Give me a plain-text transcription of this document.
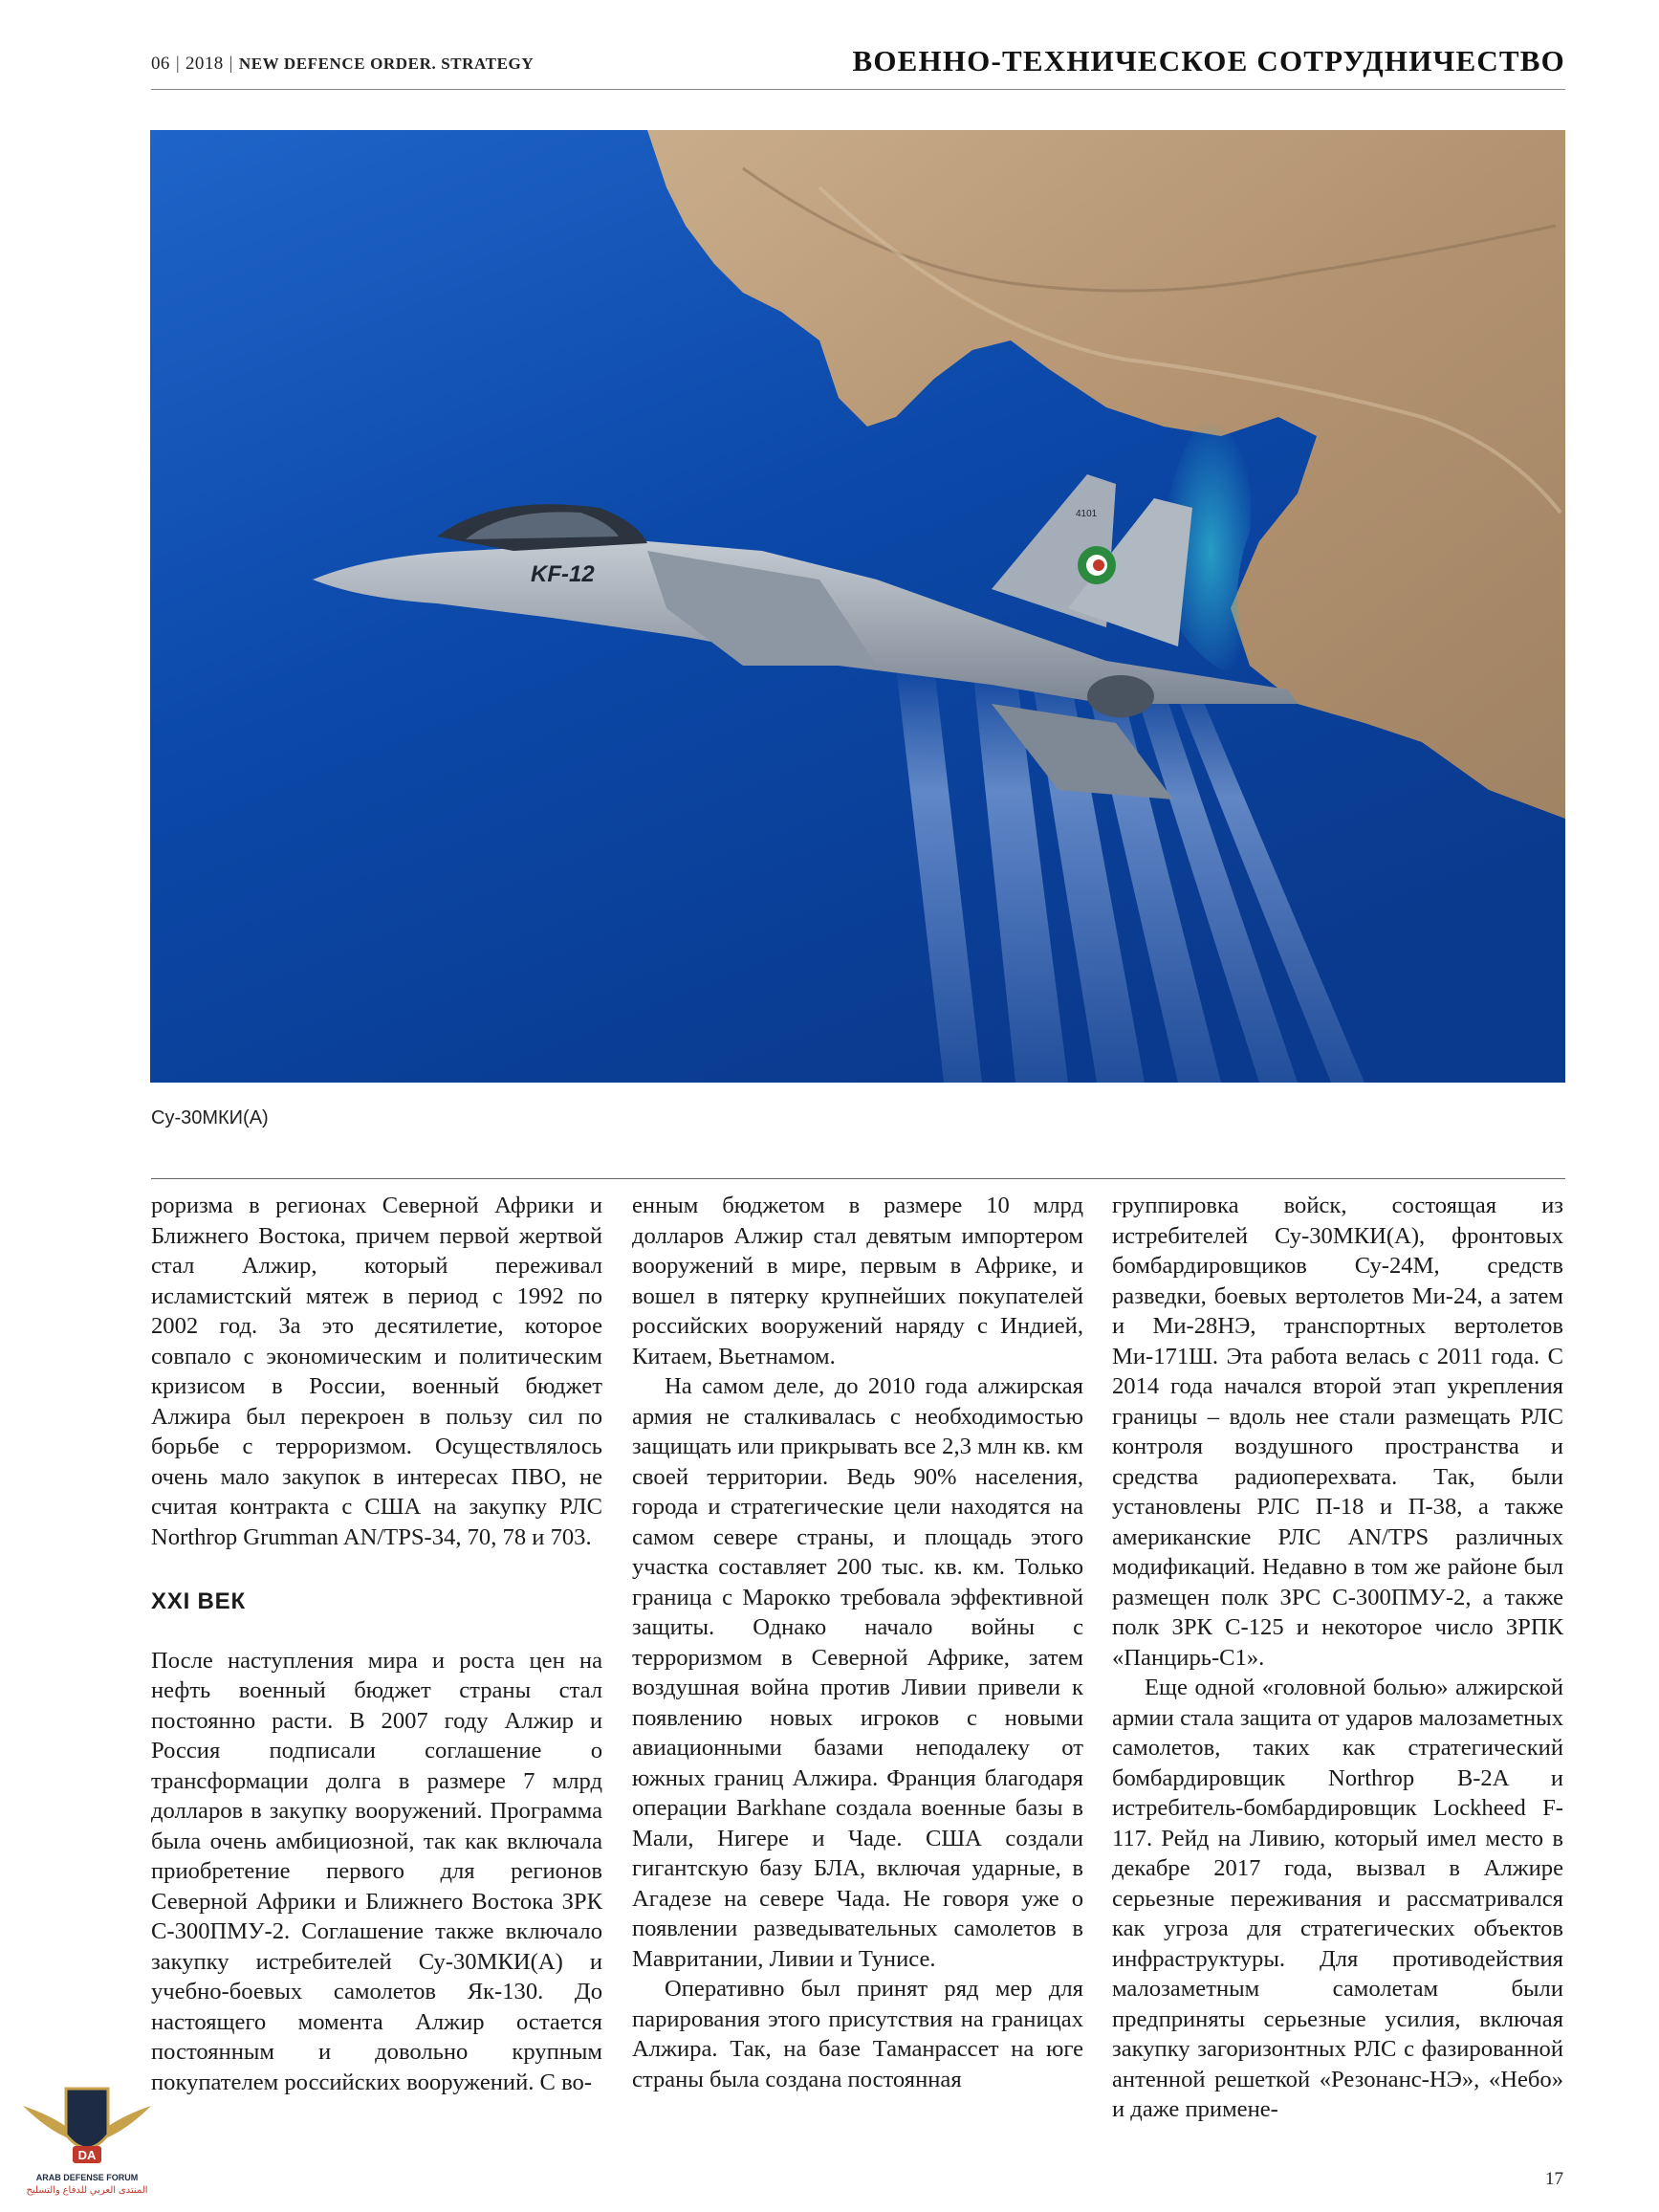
06 | 2018 | NEW DEFENCE ORDER. STRATEGY	ВОЕННО-ТЕХНИЧЕСКОЕ СОТРУДНИЧЕСТВО
KF-12
4101
Су-30МКИ(А)

роризма в регионах Северной Африки и Ближнего Востока, причем первой жертвой стал Алжир, который переживал исламистский мятеж в период с 1992 по 2002 год. За это десятилетие, которое совпало с экономическим и политическим кризисом в России, военный бюджет Алжира был перекроен в пользу сил по борьбе с терроризмом. Осуществлялось очень мало закупок в интересах ПВО, не считая контракта с США на закупку РЛС Northrop Grumman AN/TPS-34, 70, 78 и 703.

XXI ВЕК

После наступления мира и роста цен на нефть военный бюджет страны стал постоянно расти. В 2007 году Алжир и Россия подписали соглашение о трансформации долга в размере 7 млрд долларов в закупку вооружений. Программа была очень амбициозной, так как включала приобретение первого для регионов Северной Африки и Ближнего Востока ЗРК С-300ПМУ-2. Соглашение также включало закупку истребителей Су-30МКИ(А) и учебно-боевых самолетов Як-130. До настоящего момента Алжир остается постоянным и довольно крупным покупателем российских вооружений. С во-

енным бюджетом в размере 10 млрд долларов Алжир стал девятым импортером вооружений в мире, первым в Африке, и вошел в пятерку крупнейших покупателей российских вооружений наряду с Индией, Китаем, Вьетнамом.

На самом деле, до 2010 года алжирская армия не сталкивалась с необходимостью защищать или прикрывать все 2,3 млн кв. км своей территории. Ведь 90% населения, города и стратегические цели находятся на самом севере страны, и площадь этого участка составляет 200 тыс. кв. км. Только граница с Марокко требовала эффективной защиты. Однако начало войны с терроризмом в Северной Африке, затем воздушная война против Ливии привели к появлению новых игроков с новыми авиационными базами неподалеку от южных границ Алжира. Франция благодаря операции Barkhane создала военные базы в Мали, Нигере и Чаде. США создали гигантскую базу БЛА, включая ударные, в Агадезе на севере Чада. Не говоря уже о появлении разведывательных самолетов в Мавритании, Ливии и Тунисе.

Оперативно был принят ряд мер для парирования этого присутствия на границах Алжира. Так, на базе Таманрассет на юге страны была создана постоянная

группировка войск, состоящая из истребителей Су-30МКИ(А), фронтовых бомбардировщиков Су-24М, средств разведки, боевых вертолетов Ми-24, а затем и Ми-28НЭ, транспортных вертолетов Ми-171Ш. Эта работа велась с 2011 года. С 2014 года начался второй этап укрепления границы – вдоль нее стали размещать РЛС контроля воздушного пространства и средства радиоперехвата. Так, были установлены РЛС П-18 и П-38, а также американские РЛС AN/TPS различных модификаций. Недавно в том же районе был размещен полк ЗРС С-300ПМУ-2, а также полк ЗРК С-125 и некоторое число ЗРПК «Панцирь-С1».

Еще одной «головной болью» алжирской армии стала защита от ударов малозаметных самолетов, таких как стратегический бомбардировщик Northrop B-2A и истребитель-бомбардировщик Lockheed F-117. Рейд на Ливию, который имел место в декабре 2017 года, вызвал в Алжире серьезные переживания и рассматривался как угроза для стратегических объектов инфраструктуры. Для противодействия малозаметным самолетам были предприняты серьезные усилия, включая закупку загоризонтных РЛС с фазированной антенной решеткой «Резонанс-НЭ», «Небо» и даже примене-

17
DA
ARAB DEFENSE FORUM
المنتدى العربي للدفاع والتسليح
